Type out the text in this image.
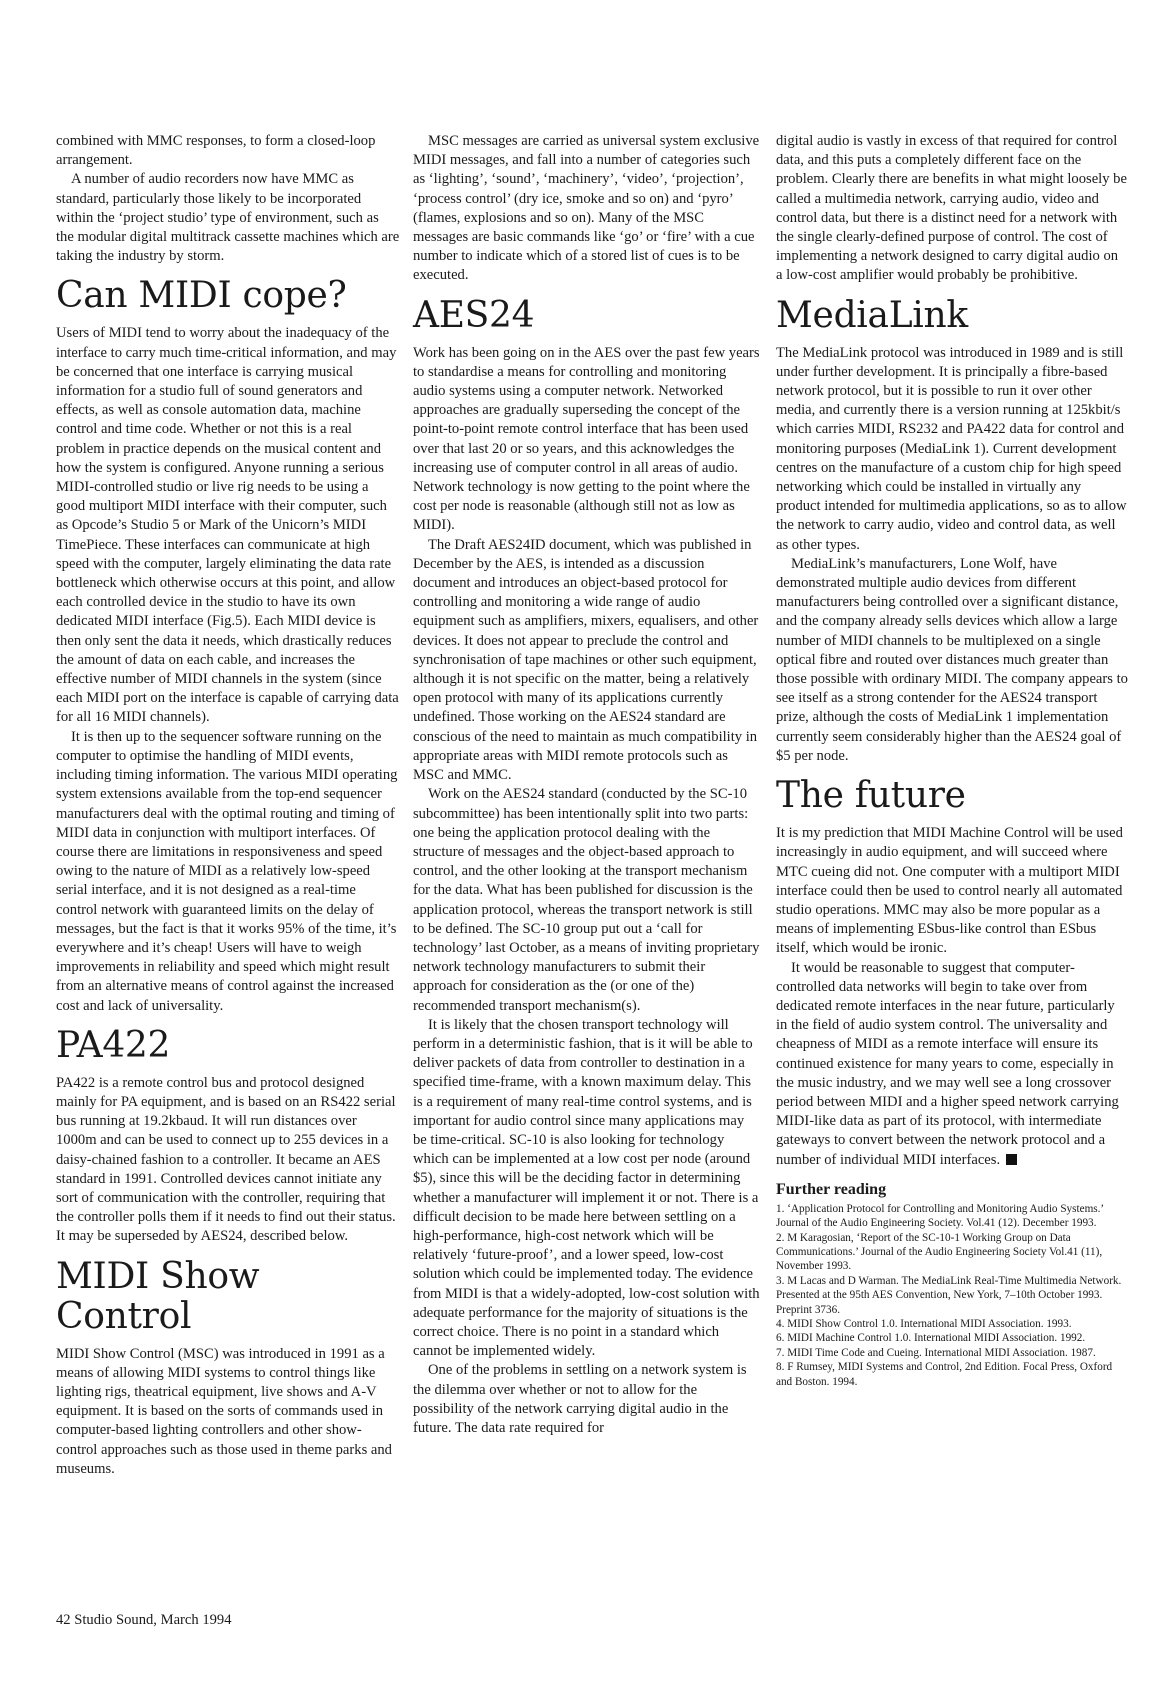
combined with MMC responses, to form a closed-loop arrangement.

A number of audio recorders now have MMC as standard, particularly those likely to be incorporated within the ‘project studio’ type of environment, such as the modular digital multitrack cassette machines which are taking the industry by storm.

Can MIDI cope?

Users of MIDI tend to worry about the inadequacy of the interface to carry much time-critical information, and may be concerned that one interface is carrying musical information for a studio full of sound generators and effects, as well as console automation data, machine control and time code. Whether or not this is a real problem in practice depends on the musical content and how the system is configured. Anyone running a serious MIDI-controlled studio or live rig needs to be using a good multiport MIDI interface with their computer, such as Opcode’s Studio 5 or Mark of the Unicorn’s MIDI TimePiece. These interfaces can communicate at high speed with the computer, largely eliminating the data rate bottleneck which otherwise occurs at this point, and allow each controlled device in the studio to have its own dedicated MIDI interface (Fig.5). Each MIDI device is then only sent the data it needs, which drastically reduces the amount of data on each cable, and increases the effective number of MIDI channels in the system (since each MIDI port on the interface is capable of carrying data for all 16 MIDI channels).

It is then up to the sequencer software running on the computer to optimise the handling of MIDI events, including timing information. The various MIDI operating system extensions available from the top-end sequencer manufacturers deal with the optimal routing and timing of MIDI data in conjunction with multiport interfaces. Of course there are limitations in responsiveness and speed owing to the nature of MIDI as a relatively low-speed serial interface, and it is not designed as a real-time control network with guaranteed limits on the delay of messages, but the fact is that it works 95% of the time, it’s everywhere and it’s cheap! Users will have to weigh improvements in reliability and speed which might result from an alternative means of control against the increased cost and lack of universality.

PA422

PA422 is a remote control bus and protocol designed mainly for PA equipment, and is based on an RS422 serial bus running at 19.2kbaud. It will run distances over 1000m and can be used to connect up to 255 devices in a daisy-chained fashion to a controller. It became an AES standard in 1991. Controlled devices cannot initiate any sort of communication with the controller, requiring that the controller polls them if it needs to find out their status. It may be superseded by AES24, described below.

MIDI Show Control

MIDI Show Control (MSC) was introduced in 1991 as a means of allowing MIDI systems to control things like lighting rigs, theatrical equipment, live shows and A-V equipment. It is based on the sorts of commands used in computer-based lighting controllers and other show-control approaches such as those used in theme parks and museums.

MSC messages are carried as universal system exclusive MIDI messages, and fall into a number of categories such as ‘lighting’, ‘sound’, ‘machinery’, ‘video’, ‘projection’, ‘process control’ (dry ice, smoke and so on) and ‘pyro’ (flames, explosions and so on). Many of the MSC messages are basic commands like ‘go’ or ‘fire’ with a cue number to indicate which of a stored list of cues is to be executed.

AES24

Work has been going on in the AES over the past few years to standardise a means for controlling and monitoring audio systems using a computer network. Networked approaches are gradually superseding the concept of the point-to-point remote control interface that has been used over that last 20 or so years, and this acknowledges the increasing use of computer control in all areas of audio. Network technology is now getting to the point where the cost per node is reasonable (although still not as low as MIDI).

The Draft AES24ID document, which was published in December by the AES, is intended as a discussion document and introduces an object-based protocol for controlling and monitoring a wide range of audio equipment such as amplifiers, mixers, equalisers, and other devices. It does not appear to preclude the control and synchronisation of tape machines or other such equipment, although it is not specific on the matter, being a relatively open protocol with many of its applications currently undefined. Those working on the AES24 standard are conscious of the need to maintain as much compatibility in appropriate areas with MIDI remote protocols such as MSC and MMC.

Work on the AES24 standard (conducted by the SC-10 subcommittee) has been intentionally split into two parts: one being the application protocol dealing with the structure of messages and the object-based approach to control, and the other looking at the transport mechanism for the data. What has been published for discussion is the application protocol, whereas the transport network is still to be defined. The SC-10 group put out a ‘call for technology’ last October, as a means of inviting proprietary network technology manufacturers to submit their approach for consideration as the (or one of the) recommended transport mechanism(s).

It is likely that the chosen transport technology will perform in a deterministic fashion, that is it will be able to deliver packets of data from controller to destination in a specified time-frame, with a known maximum delay. This is a requirement of many real-time control systems, and is important for audio control since many applications may be time-critical. SC-10 is also looking for technology which can be implemented at a low cost per node (around $5), since this will be the deciding factor in determining whether a manufacturer will implement it or not. There is a difficult decision to be made here between settling on a high-performance, high-cost network which will be relatively ‘future-proof’, and a lower speed, low-cost solution which could be implemented today. The evidence from MIDI is that a widely-adopted, low-cost solution with adequate performance for the majority of situations is the correct choice. There is no point in a standard which cannot be implemented widely.

One of the problems in settling on a network system is the dilemma over whether or not to allow for the possibility of the network carrying digital audio in the future. The data rate required for

digital audio is vastly in excess of that required for control data, and this puts a completely different face on the problem. Clearly there are benefits in what might loosely be called a multimedia network, carrying audio, video and control data, but there is a distinct need for a network with the single clearly-defined purpose of control. The cost of implementing a network designed to carry digital audio on a low-cost amplifier would probably be prohibitive.

MediaLink

The MediaLink protocol was introduced in 1989 and is still under further development. It is principally a fibre-based network protocol, but it is possible to run it over other media, and currently there is a version running at 125kbit/s which carries MIDI, RS232 and PA422 data for control and monitoring purposes (MediaLink 1). Current development centres on the manufacture of a custom chip for high speed networking which could be installed in virtually any product intended for multimedia applications, so as to allow the network to carry audio, video and control data, as well as other types.

MediaLink’s manufacturers, Lone Wolf, have demonstrated multiple audio devices from different manufacturers being controlled over a significant distance, and the company already sells devices which allow a large number of MIDI channels to be multiplexed on a single optical fibre and routed over distances much greater than those possible with ordinary MIDI. The company appears to see itself as a strong contender for the AES24 transport prize, although the costs of MediaLink 1 implementation currently seem considerably higher than the AES24 goal of $5 per node.

The future

It is my prediction that MIDI Machine Control will be used increasingly in audio equipment, and will succeed where MTC cueing did not. One computer with a multiport MIDI interface could then be used to control nearly all automated studio operations. MMC may also be more popular as a means of implementing ESbus-like control than ESbus itself, which would be ironic.

It would be reasonable to suggest that computer-controlled data networks will begin to take over from dedicated remote interfaces in the near future, particularly in the field of audio system control. The universality and cheapness of MIDI as a remote interface will ensure its continued existence for many years to come, especially in the music industry, and we may well see a long crossover period between MIDI and a higher speed network carrying MIDI-like data as part of its protocol, with intermediate gateways to convert between the network protocol and a number of individual MIDI interfaces.

Further reading
1. ‘Application Protocol for Controlling and Monitoring Audio Systems.’ Journal of the Audio Engineering Society. Vol.41 (12). December 1993.
2. M Karagosian, ‘Report of the SC-10-1 Working Group on Data Communications.’ Journal of the Audio Engineering Society Vol.41 (11), November 1993.
3. M Lacas and D Warman. The MediaLink Real-Time Multimedia Network. Presented at the 95th AES Convention, New York, 7–10th October 1993. Preprint 3736.
4. MIDI Show Control 1.0. International MIDI Association. 1993.
6. MIDI Machine Control 1.0. International MIDI Association. 1992.
7. MIDI Time Code and Cueing. International MIDI Association. 1987.
8. F Rumsey, MIDI Systems and Control, 2nd Edition. Focal Press, Oxford and Boston. 1994.
42 Studio Sound, March 1994
